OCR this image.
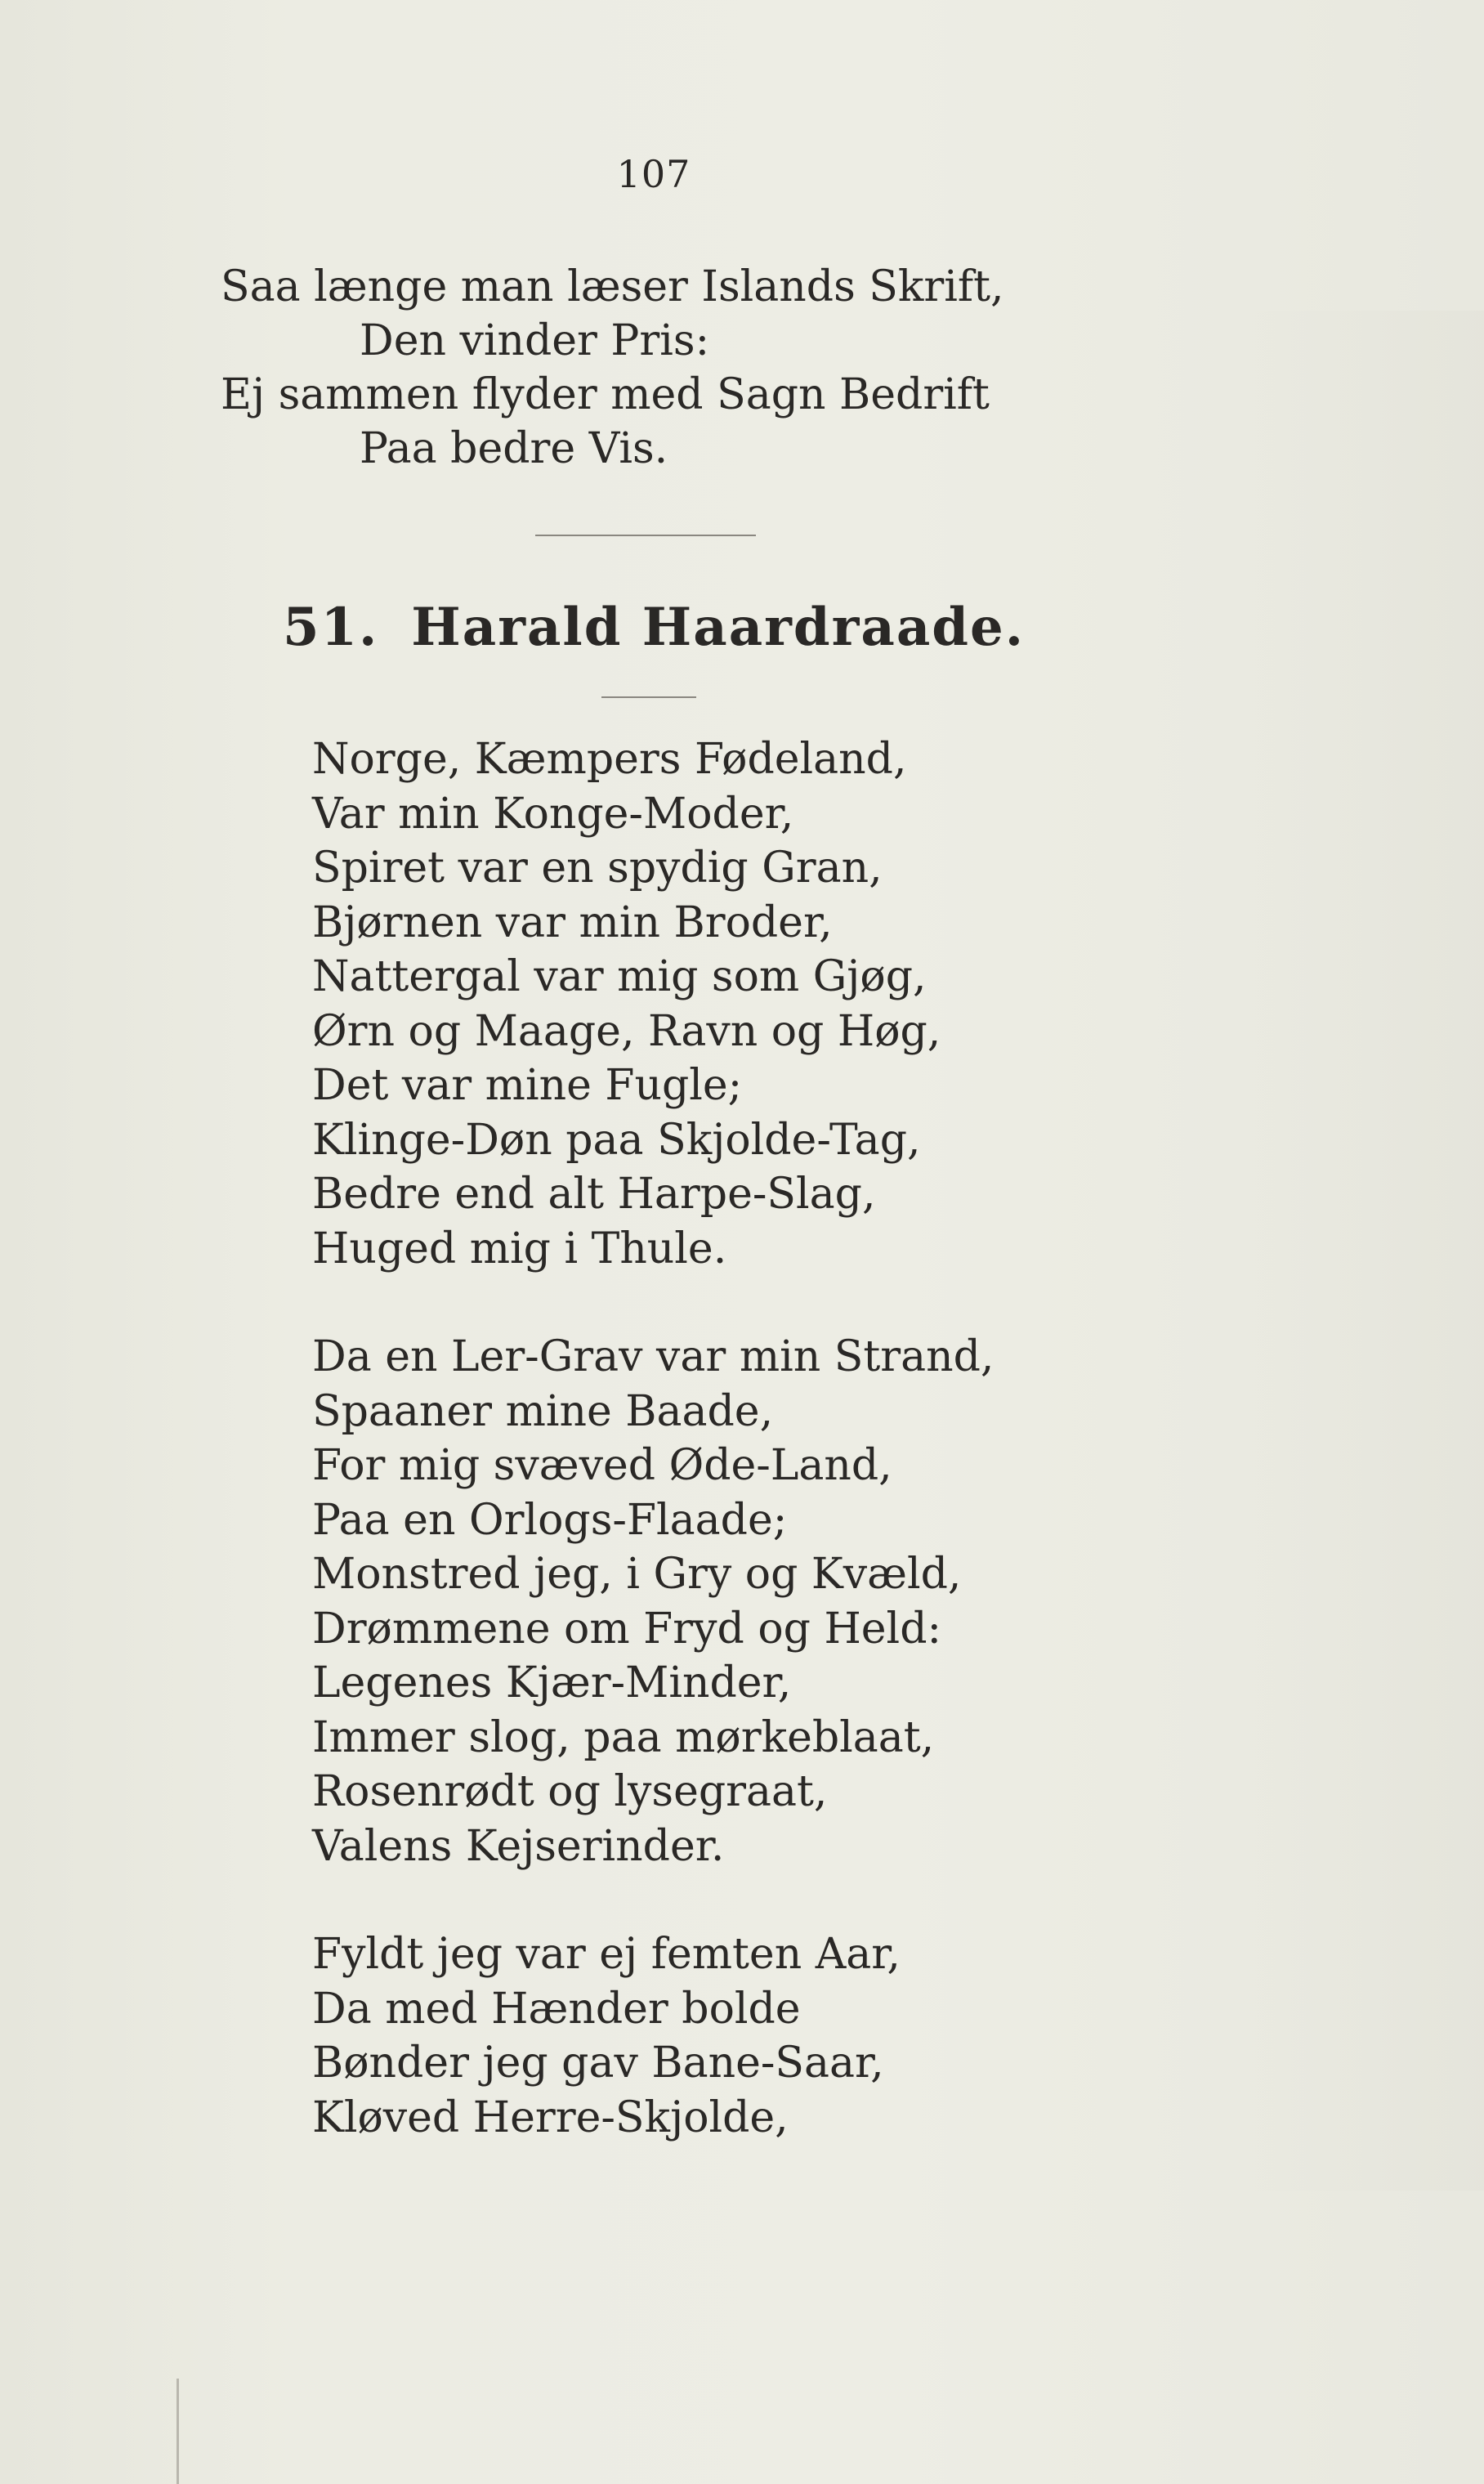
107
Saa længe man læser Islands Skrift,
Den vinder Pris:
Ej sammen flyder med Sagn Bedrift
Paa bedre Vis.
51. Harald Haardraade.
Norge, Kæmpers Fødeland,
Var min Konge-Moder,
Spiret var en spydig Gran,
Bjørnen var min Broder,
Nattergal var mig som Gjøg,
Ørn og Maage, Ravn og Høg,
Det var mine Fugle;
Klinge-Døn paa Skjolde-Tag,
Bedre end alt Harpe-Slag,
Huged mig i Thule.
Da en Ler-Grav var min Strand,
Spaaner mine Baade,
For mig svæved Øde-Land,
Paa en Orlogs-Flaade;
Monstred jeg, i Gry og Kvæld,
Drømmene om Fryd og Held:
Legenes Kjær-Minder,
Immer slog, paa mørkeblaat,
Rosenrødt og lysegraat,
Valens Kejserinder.
Fyldt jeg var ej femten Aar,
Da med Hænder bolde
Bønder jeg gav Bane-Saar,
Kløved Herre-Skjolde,
